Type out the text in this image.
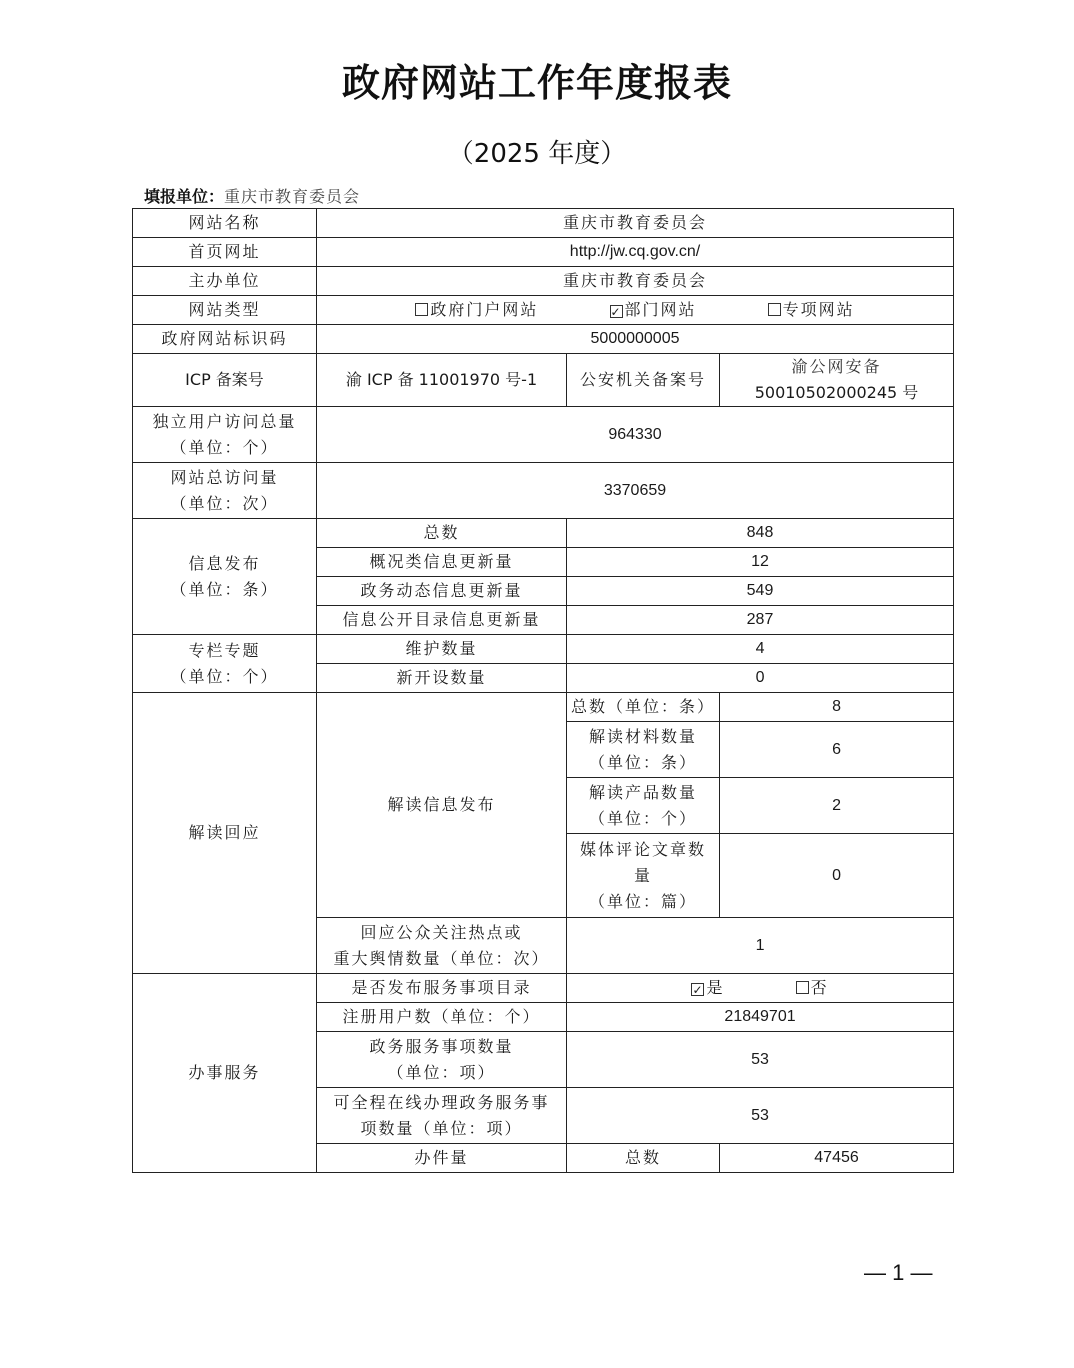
政府网站工作年度报表
（2025 年度）
填报单位：重庆市教育委员会
网站名称	重庆市教育委员会		
首页网址	http://jw.cq.gov.cn/		
主办单位	重庆市教育委员会		
网站类型	政府门户网站 ✓ 部门网站 专项网站		
政府网站标识码	5000000005		
ICP 备案号	渝 ICP 备 11001970 号-1	公安机关备案号	渝公网安备
50010502000245 号

独立用户访问总量
（单位：个）	964330		

网站总访问量
（单位：次）	3370659		

信息发布
（单位：条）	总数	848	
	概况类信息更新量	12	
	政务动态信息更新量	549	
	信息公开目录信息更新量	287	

专栏专题
（单位：个）	维护数量	4	
	新开设数量	0	
解读回应	解读信息发布	总数（单位：条）	8

		解读材料数量
（单位：条）	6

		解读产品数量
（单位：个）	2

		媒体评论文章数
量
（单位：篇）	0

	回应公众关注热点或
重大舆情数量（单位：次）	1	
办事服务	是否发布服务事项目录	✓ 是 否	
	注册用户数（单位：个）	21849701	

	政务服务事项数量
（单位：项）	53	

	可全程在线办理政务服务事
项数量（单位：项）	53	
	办件量	总数	47456
— 1 —
